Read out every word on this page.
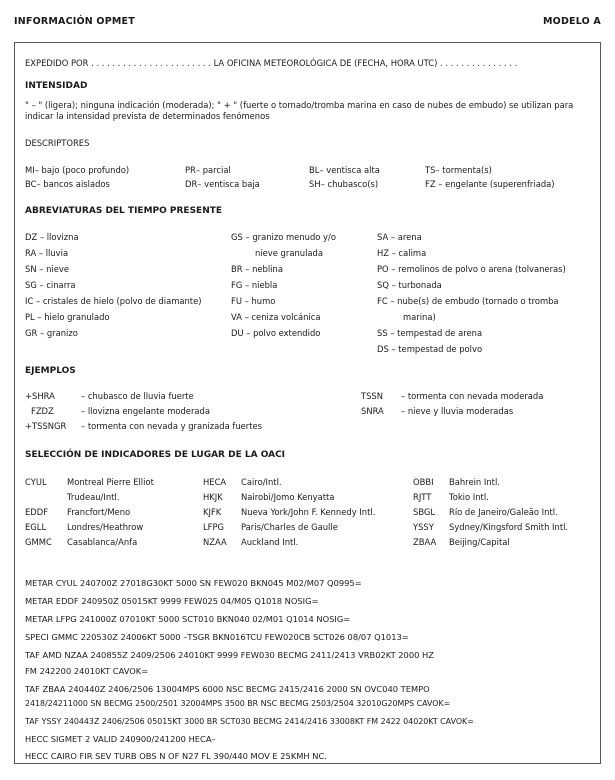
INFORMACIÓN OPMET	MODELO A
EXPEDIDO POR . . . . . . . . . . . . . . . . . . . . . . . LA OFICINA METEOROLÓGICA DE (FECHA, HORA UTC) . . . . . . . . . . . . . . .
INTENSIDAD
" – " (ligera); ninguna indicación (moderada); " + " (fuerte o tornado/tromba marina en caso de nubes de embudo) se utilizan para indicar la intensidad prevista de determinados fenómenos
DESCRIPTORES
MI– bajo (poco profundo)	PR– parcial	BL– ventisca alta	TS– tormenta(s)
BC– bancos aislados	DR– ventisca baja	SH– chubasco(s)	FZ – engelante (superenfriada)
ABREVIATURAS DEL TIEMPO PRESENTE
DZ – llovizna
RA – lluvia
SN – nieve
SG – cinarra
IC – cristales de hielo (polvo de diamante)
PL – hielo granulado
GR – granizo
GS – granizo menudo y/o
nieve granulada
BR – neblina
FG – niebla
FU – humo
VA – ceniza volcánica
DU – polvo extendido
SA – arena
HZ – calima
PO – remolinos de polvo o arena (tolvaneras)
SQ – turbonada
FC – nube(s) de embudo (tornado o tromba
marina)
SS – tempestad de arena
DS – tempestad de polvo
EJEMPLOS
+SHRA	– chubasco de lluvia fuerte
FZDZ	– llovizna engelante moderada
+TSSNGR – tormenta con nevada y granizada fuertes
TSSN – tormenta con nevada moderada
SNRA – nieve y lluvia moderadas
SELECCIÓN DE INDICADORES DE LUGAR DE LA OACI
CYUL Montreal Pierre Elliot
Trudeau/Intl.
EDDF Francfort/Meno
EGLL Londres/Heathrow
GMMC Casablanca/Anfa
HECA Cairo/Intl.
HKJK Nairobi/Jomo Kenyatta
KJFK Nueva York/John F. Kennedy Intl.
LFPG Paris/Charles de Gaulle
NZAA Auckland Intl.
OBBI Bahrein Intl.
RJTT Tokio Intl.
SBGL Río de Janeiro/Galeão Intl.
YSSY Sydney/Kingsford Smith Intl.
ZBAA Beijing/Capital
METAR CYUL 240700Z 27018G30KT 5000 SN FEW020 BKN045 M02/M07 Q0995=
METAR EDDF 240950Z 05015KT 9999 FEW025 04/M05 Q1018 NOSIG=
METAR LFPG 241000Z 07010KT 5000 SCT010 BKN040 02/M01 Q1014 NOSIG=
SPECI GMMC 220530Z 24006KT 5000 –TSGR BKN016TCU FEW020CB SCT026 08/07 Q1013=
TAF AMD NZAA 240855Z 2409/2506 24010KT 9999 FEW030 BECMG 2411/2413 VRB02KT 2000 HZ
FM 242200 24010KT CAVOK=
TAF ZBAA 240440Z 2406/2506 13004MPS 6000 NSC BECMG 2415/2416 2000 SN OVC040 TEMPO
2418/24211000 SN BECMG 2500/2501 32004MPS 3500 BR NSC BECMG 2503/2504 32010G20MPS CAVOK=
TAF YSSY 240443Z 2406/2506 05015KT 3000 BR SCT030 BECMG 2414/2416 33008KT FM 2422 04020KT CAVOK=
HECC SIGMET 2 VALID 240900/241200 HECA–
HECC CAIRO FIR SEV TURB OBS N OF N27 FL 390/440 MOV E 25KMH NC.
